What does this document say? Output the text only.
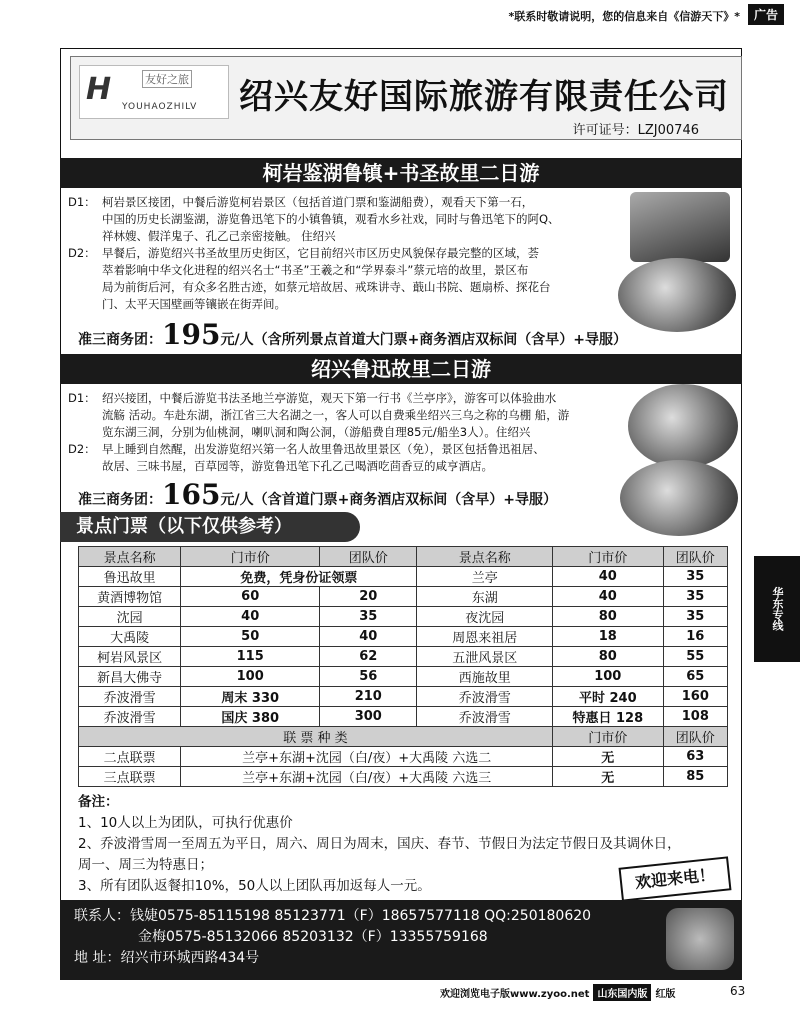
*联系时敬请说明，您的信息来自《信游天下》*	广告
H	友好之旅
YOUHAOZHILV 绍兴友好国际旅游有限责任公司
许可证号：LZJ00746
柯岩鉴湖鲁镇+书圣故里二日游
D1： 柯岩景区接团，中餐后游览柯岩景区（包括首道门票和鉴湖船费），观看天下第一石，
中国的历史长湖鉴湖，游览鲁迅笔下的小镇鲁镇，观看水乡社戏，同时与鲁迅笔下的阿Q、
祥林嫂、假洋鬼子、孔乙己亲密接触。 住绍兴
D2： 早餐后，游览绍兴书圣故里历史街区，它目前绍兴市区历史风貌保存最完整的区域，荟
萃着影响中华文化进程的绍兴名士“书圣”王羲之和“学界泰斗”蔡元培的故里，景区布
局为前街后河，有众多名胜古迹，如蔡元培故居、戒珠讲寺、蕺山书院、题扇桥、探花台
门、太平天国壁画等镶嵌在街弄间。
准三商务团：195元/人（含所列景点首道大门票+商务酒店双标间（含早）+导服）
绍兴鲁迅故里二日游
D1： 绍兴接团，中餐后游览书法圣地兰亭游览，观天下第一行书《兰亭序》，游客可以体验曲水
流觞 活动。车赴东湖，浙江省三大名湖之一，客人可以自费乘坐绍兴三乌之称的乌棚 船，游
览东湖三洞，分别为仙桃洞，喇叭洞和陶公洞，（游船费自理85元/船坐3人）。住绍兴
D2： 早上睡到自然醒，出发游览绍兴第一名人故里鲁迅故里景区（免），景区包括鲁迅祖居、
故居、三味书屋，百草园等，游览鲁迅笔下孔乙己喝酒吃茴香豆的咸亨酒店。
准三商务团：165元/人（含首道门票+商务酒店双标间（含早）+导服）
景点门票（以下仅供参考）
景点名称	门市价	团队价	景点名称	门市价	团队价
鲁迅故里	免费，凭身份证领票		兰亭	40	35
黄酒博物馆	60	20	东湖	40	35
沈园	40	35	夜沈园	80	35
大禹陵	50	40	周恩来祖居	18	16
柯岩风景区	115	62	五泄风景区	80	55
新昌大佛寺	100	56	西施故里	100	65
乔波滑雪	周末 330	210	乔波滑雪	平时 240	160
乔波滑雪	国庆 380	300	乔波滑雪	特惠日 128	108
联 票 种 类				门市价	团队价
二点联票	兰亭+东湖+沈园（白/夜）+大禹陵 六选二			无	63
三点联票	兰亭+东湖+沈园（白/夜）+大禹陵 六选三			无	85
备注：
1、10人以上为团队，可执行优惠价
2、乔波滑雪周一至周五为平日，周六、周日为周末，国庆、春节、节假日为法定节假日及其调休日，
周一、周三为特惠日；
3、所有团队返餐扣10%，50人以上团队再加返每人一元。	欢迎来电！
联系人：钱婕0575-85115198 85123771（F）18657577118 QQ:250180620
金梅0575-85132066 85203132（F）13355759168
地 址：绍兴市环城西路434号
华东专线
欢迎浏览电子版www.zyoo.net 山东国内版 红版	63
